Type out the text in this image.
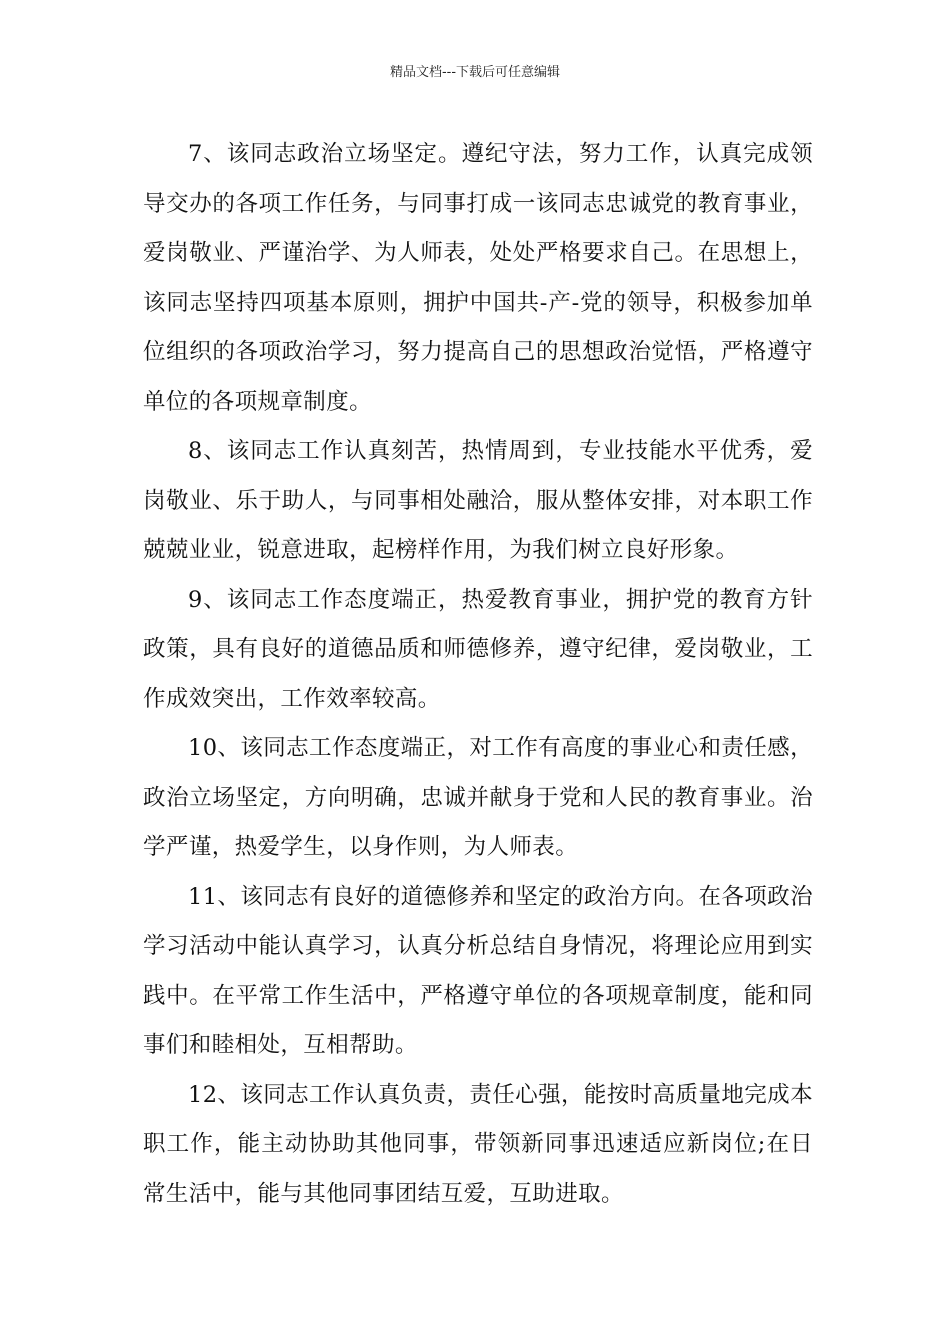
精品文档---下载后可任意编辑

7、该同志政治立场坚定。遵纪守法，努力工作，认真完成领导交办的各项工作任务，与同事打成一该同志忠诚党的教育事业，爱岗敬业、严谨治学、为人师表，处处严格要求自己。在思想上，该同志坚持四项基本原则，拥护中国共-产-党的领导，积极参加单位组织的各项政治学习，努力提高自己的思想政治觉悟，严格遵守单位的各项规章制度。

8、该同志工作认真刻苦，热情周到，专业技能水平优秀，爱岗敬业、乐于助人，与同事相处融洽，服从整体安排，对本职工作兢兢业业，锐意进取，起榜样作用，为我们树立良好形象。

9、该同志工作态度端正，热爱教育事业，拥护党的教育方针政策，具有良好的道德品质和师德修养，遵守纪律，爱岗敬业，工作成效突出，工作效率较高。

10、该同志工作态度端正，对工作有高度的事业心和责任感，政治立场坚定，方向明确，忠诚并献身于党和人民的教育事业。治学严谨，热爱学生，以身作则，为人师表。

11、该同志有良好的道德修养和坚定的政治方向。在各项政治学习活动中能认真学习，认真分析总结自身情况，将理论应用到实践中。在平常工作生活中，严格遵守单位的各项规章制度，能和同事们和睦相处，互相帮助。

12、该同志工作认真负责，责任心强，能按时高质量地完成本职工作，能主动协助其他同事，带领新同事迅速适应新岗位;在日常生活中，能与其他同事团结互爱，互助进取。
